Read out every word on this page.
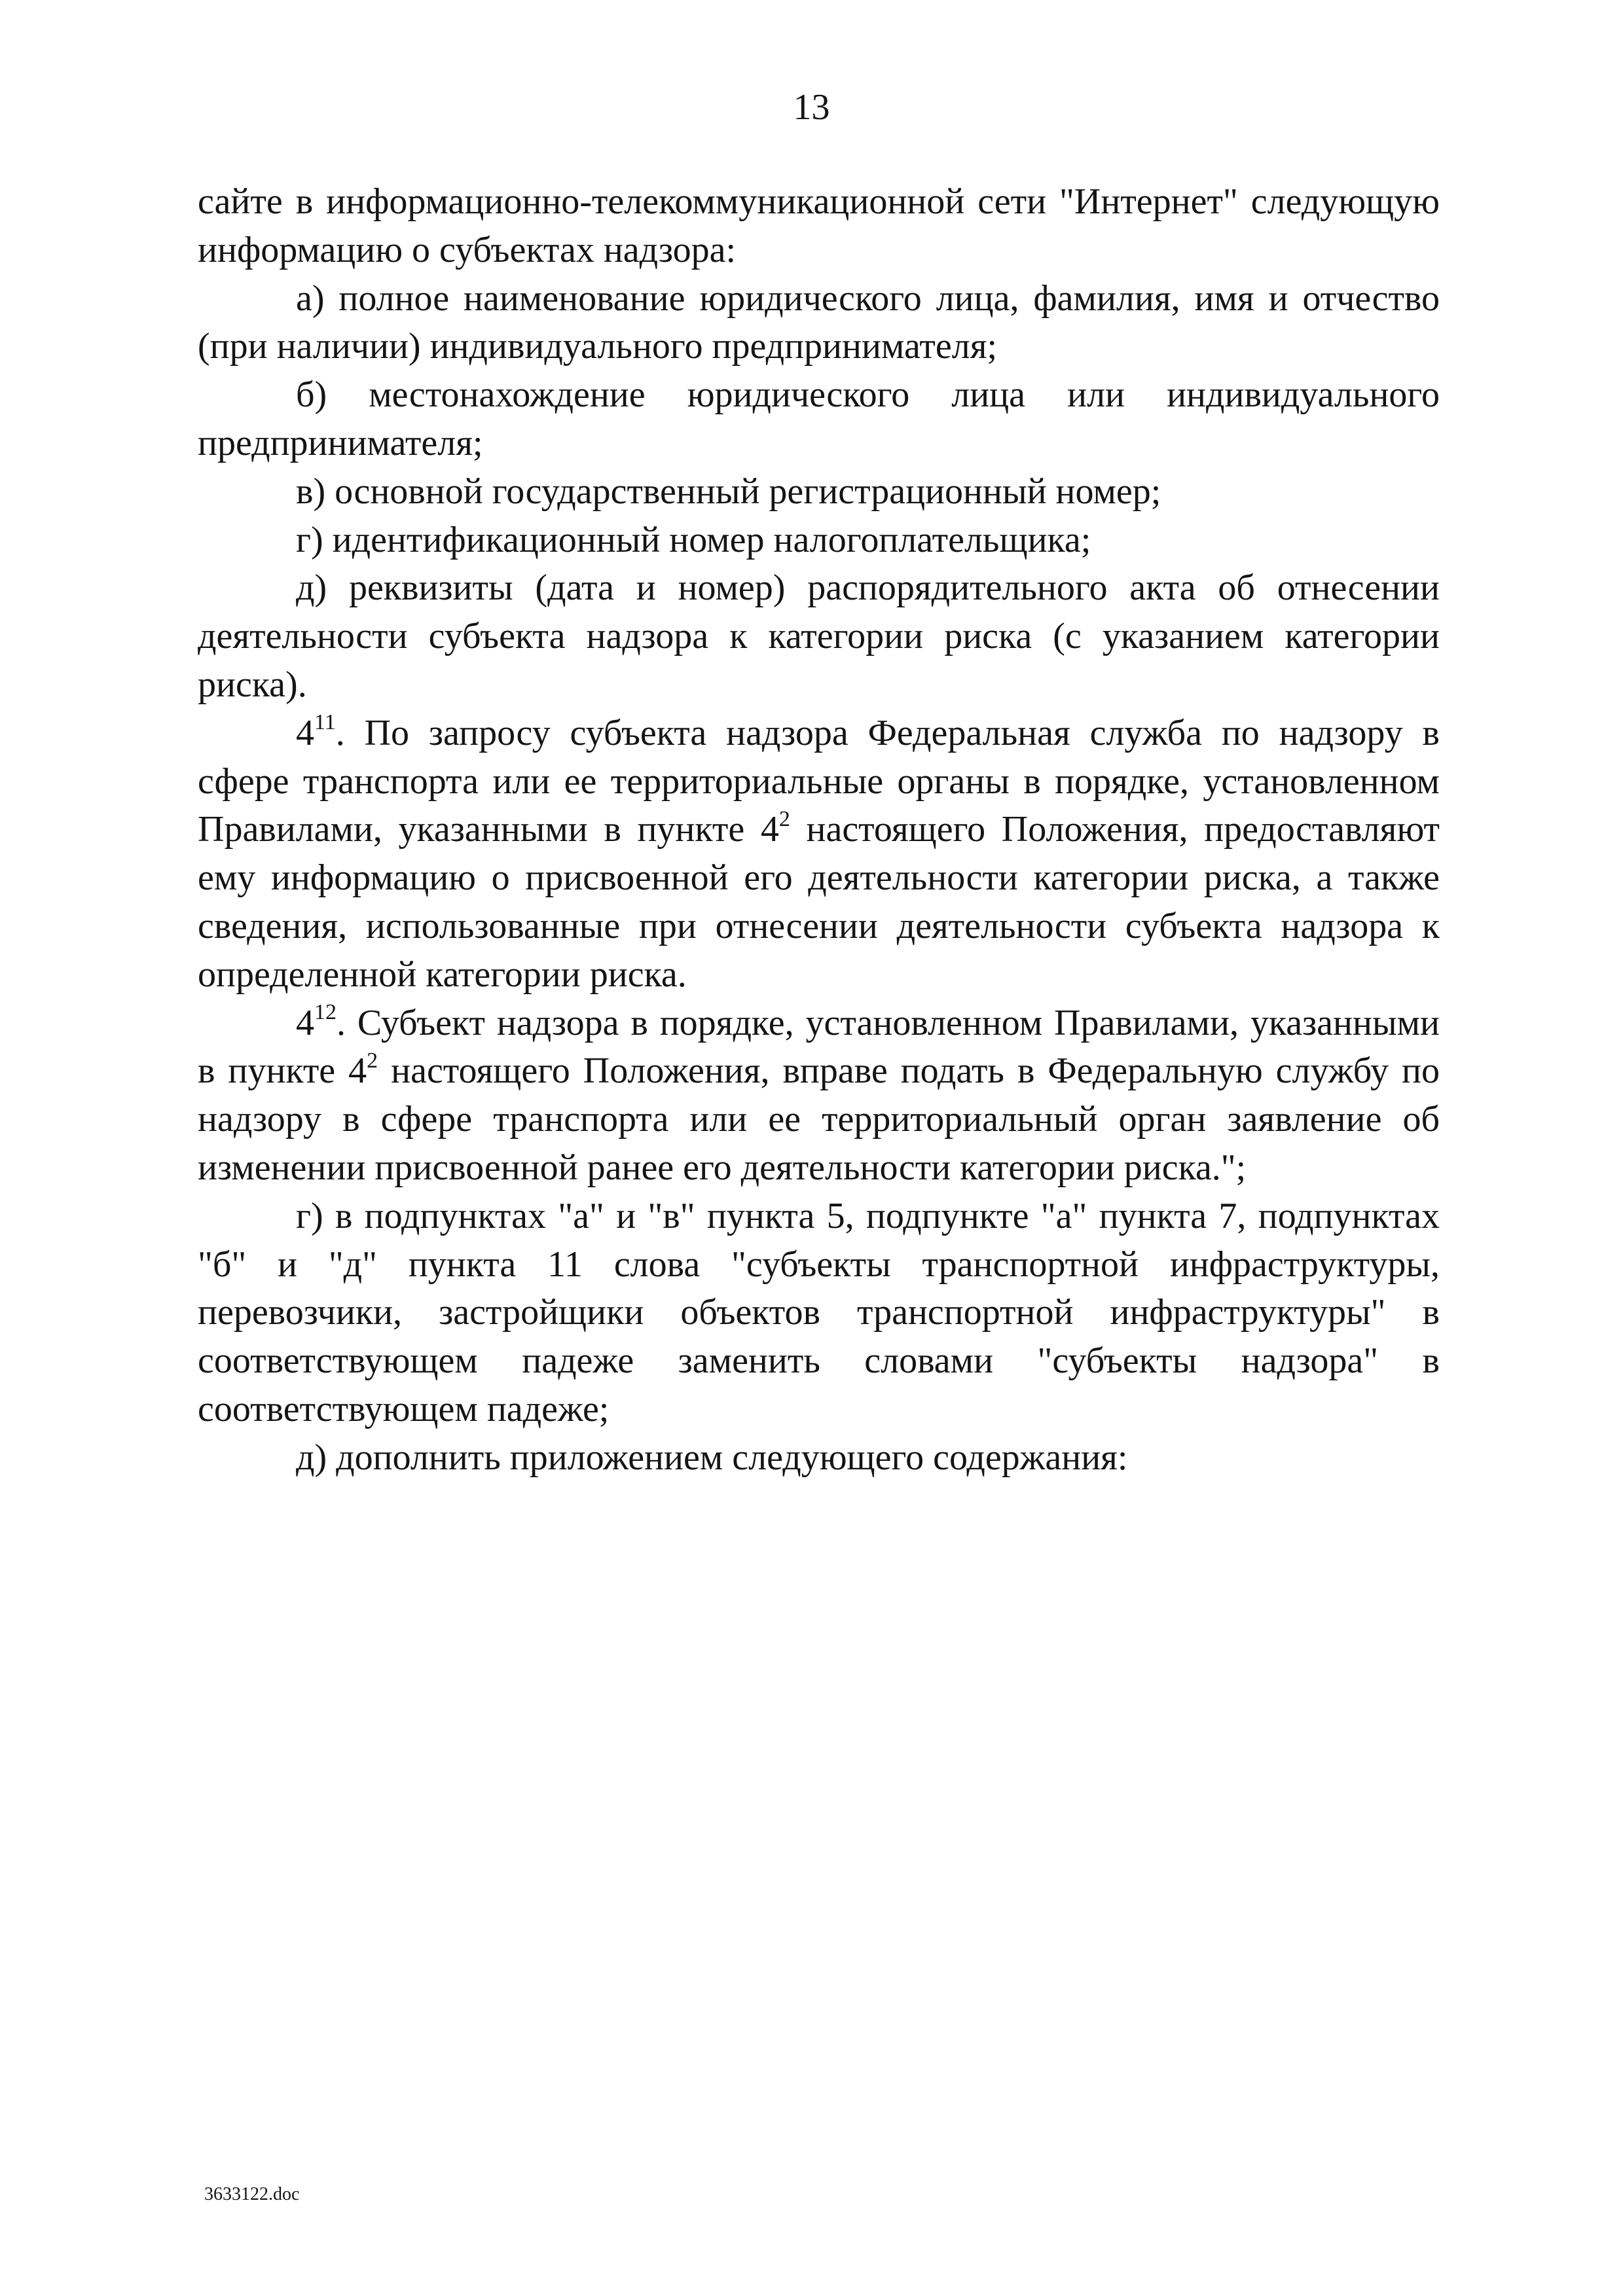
13

сайте в информационно-телекоммуникационной сети "Интернет" следующую информацию о субъектах надзора:

а) полное наименование юридического лица, фамилия, имя и отчество (при наличии) индивидуального предпринимателя;

б) местонахождение юридического лица или индивидуального предпринимателя;

в) основной государственный регистрационный номер;

г) идентификационный номер налогоплательщика;

д) реквизиты (дата и номер) распорядительного акта об отнесении деятельности субъекта надзора к категории риска (с указанием категории риска).

$4^{11}$. По запросу субъекта надзора Федеральная служба по надзору в сфере транспорта или ее территориальные органы в порядке, установленном Правилами, указанными в пункте $4^2$ настоящего Положения, предоставляют ему информацию о присвоенной его деятельности категории риска, а также сведения, использованные при отнесении деятельности субъекта надзора к определенной категории риска.

$4^{12}$. Субъект надзора в порядке, установленном Правилами, указанными в пункте $4^2$ настоящего Положения, вправе подать в Федеральную службу по надзору в сфере транспорта или ее территориальный орган заявление об изменении присвоенной ранее его деятельности категории риска.";

г) в подпунктах "а" и "в" пункта 5, подпункте "а" пункта 7, подпунктах "б" и "д" пункта 11 слова "субъекты транспортной инфраструктуры, перевозчики, застройщики объектов транспортной инфраструктуры" в соответствующем падеже заменить словами "субъекты надзора" в соответствующем падеже;

д) дополнить приложением следующего содержания:

3633122.doc
